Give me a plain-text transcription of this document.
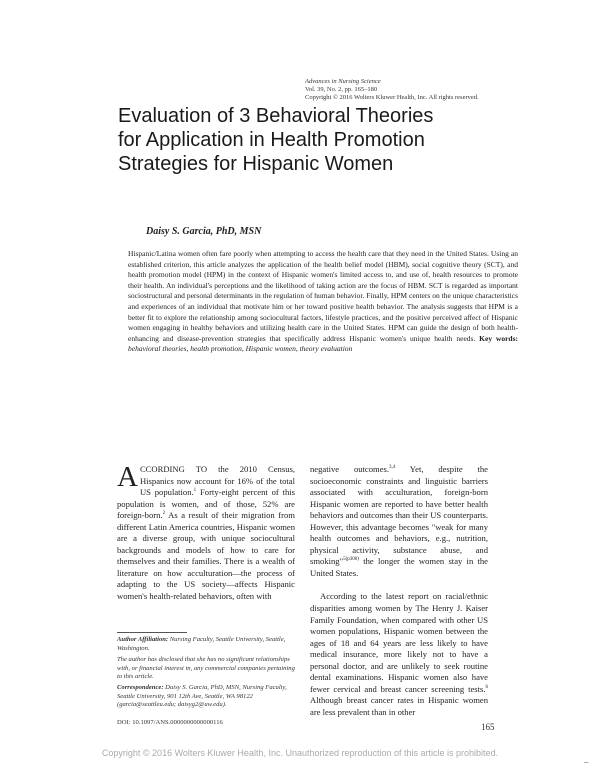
Advances in Nursing Science
Vol. 39, No. 2, pp. 165–180
Copyright © 2016 Wolters Kluwer Health, Inc. All rights reserved.
Evaluation of 3 Behavioral Theories for Application in Health Promotion Strategies for Hispanic Women
Daisy S. Garcia, PhD, MSN

Hispanic/Latina women often fare poorly when attempting to access the health care that they need in the United States. Using an established criterion, this article analyzes the application of the health belief model (HBM), social cognitive theory (SCT), and health promotion model (HPM) in the context of Hispanic women's limited access to, and use of, health resources to promote their health. An individual's perceptions and the likelihood of taking action are the focus of HBM. SCT is regarded as important sociostructural and personal determinants in the regulation of human behavior. Finally, HPM centers on the unique characteristics and experiences of an individual that motivate him or her toward positive health behavior. The analysis suggests that HPM is a better fit to explore the relationship among sociocultural factors, lifestyle practices, and the positive perceived affect of Hispanic women engaging in healthy behaviors and utilizing health care in the United States. HPM can guide the design of both health-enhancing and disease-prevention strategies that specifically address Hispanic women's unique health needs. Key words: behavioral theories, health promotion, Hispanic women, theory evaluation

ACCORDING TO the 2010 Census, Hispanics now account for 16% of the total US population.$^1$ Forty-eight percent of this population is women, and of those, 52% are foreign-born.$^2$ As a result of their migration from different Latin America countries, Hispanic women are a diverse group, with unique sociocultural backgrounds and models of how to care for themselves and their families. There is a wealth of literature on how acculturation—the process of adapting to the US society—affects Hispanic women's health-related behaviors, often with

Author Affiliation: Nursing Faculty, Seattle University, Seattle, Washington.

The author has disclosed that she has no significant relationships with, or financial interest in, any commercial companies pertaining to this article.

Correspondence: Daisy S. Garcia, PhD, MSN, Nursing Faculty, Seattle University, 901 12th Ave, Seattle, WA 98122 (garcia@seattleu.edu; daisyg2@uw.edu).

DOI: 10.1097/ANS.0000000000000116

negative outcomes.$^{3,4}$ Yet, despite the socioeconomic constraints and linguistic barriers associated with acculturation, foreign-born Hispanic women are reported to have better health behaviors and outcomes than their US counterparts. However, this advantage becomes "weak for many health outcomes and behaviors, e.g., nutrition, physical activity, substance abuse, and smoking"$^{5(p300)}$ the longer the women stay in the United States.

According to the latest report on racial/ethnic disparities among women by The Henry J. Kaiser Family Foundation, when compared with other US women populations, Hispanic women between the ages of 18 and 64 years are less likely to have medical insurance, more likely not to have a personal doctor, and are unlikely to seek routine dental examinations. Hispanic women also have fewer cervical and breast cancer screening tests.$^6$ Although breast cancer rates in Hispanic women are less prevalent than in other

165
Copyright © 2016 Wolters Kluwer Health, Inc. Unauthorized reproduction of this article is prohibited.
–
